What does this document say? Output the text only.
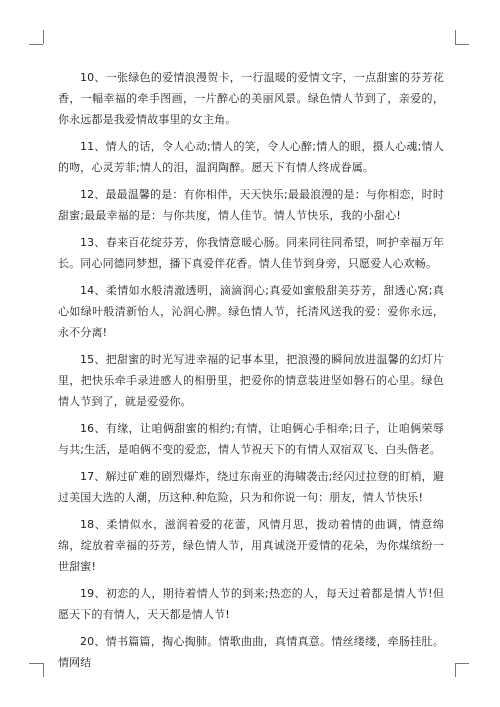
10、一张绿色的爱情浪漫贺卡，一行温暖的爱情文字，一点甜蜜的芬芳花香，一幅幸福的牵手图画，一片醉心的美丽风景。绿色情人节到了，亲爱的，你永远都是我爱情故事里的女主角。

11、情人的话，令人心动;情人的笑，令人心醉;情人的眼，摄人心魂;情人的吻，心灵芳菲;情人的泪，温润陶醉。愿天下有情人终成眷属。

12、最最温馨的是：有你相伴，天天快乐;最最浪漫的是：与你相恋，时时甜蜜;最最幸福的是：与你共度，情人佳节。情人节快乐，我的小甜心!

13、春来百花绽芬芳，你我情意暖心肠。同来同往同希望，呵护幸福万年长。同心同德同梦想，播下真爱伴花香。情人佳节到身旁，只愿爱人心欢畅。

14、柔情如水般清澈透明，滴滴润心;真爱如蜜般甜美芬芳，甜透心窝;真心如绿叶般清新怡人，沁润心脾。绿色情人节，托清风送我的爱：爱你永远，永不分离!

15、把甜蜜的时光写进幸福的记事本里，把浪漫的瞬间放进温馨的幻灯片里，把快乐牵手录进感人的相册里，把爱你的情意装进坚如磐石的心里。绿色情人节到了，就是爱爱你。

16、有缘，让咱俩甜蜜的相约;有情，让咱俩心手相牵;日子，让咱俩荣辱与共;生活，是咱俩不变的爱恋，情人节祝天下的有情人双宿双飞、白头偕老。

17、解过矿难的剧烈爆炸，绕过东南亚的海啸袭击;经闪过拉登的盯梢，避过美国大选的人潮，历这种.种危险，只为和你说一句：朋友，情人节快乐!

18、柔情似水，滋润着爱的花蕾，风情月思，拨动着情的曲调，情意绵绵，绽放着幸福的芬芳，绿色情人节，用真诚浇开爱情的花朵，为你煤缤纷一世甜蜜!

19、初恋的人，期待着情人节的到来;热恋的人，每天过着都是情人节!但愿天下的有情人，天天都是情人节!

20、情书篇篇，掏心掏肺。情歌曲曲，真情真意。情丝缕缕，牵肠挂肚。情网结
